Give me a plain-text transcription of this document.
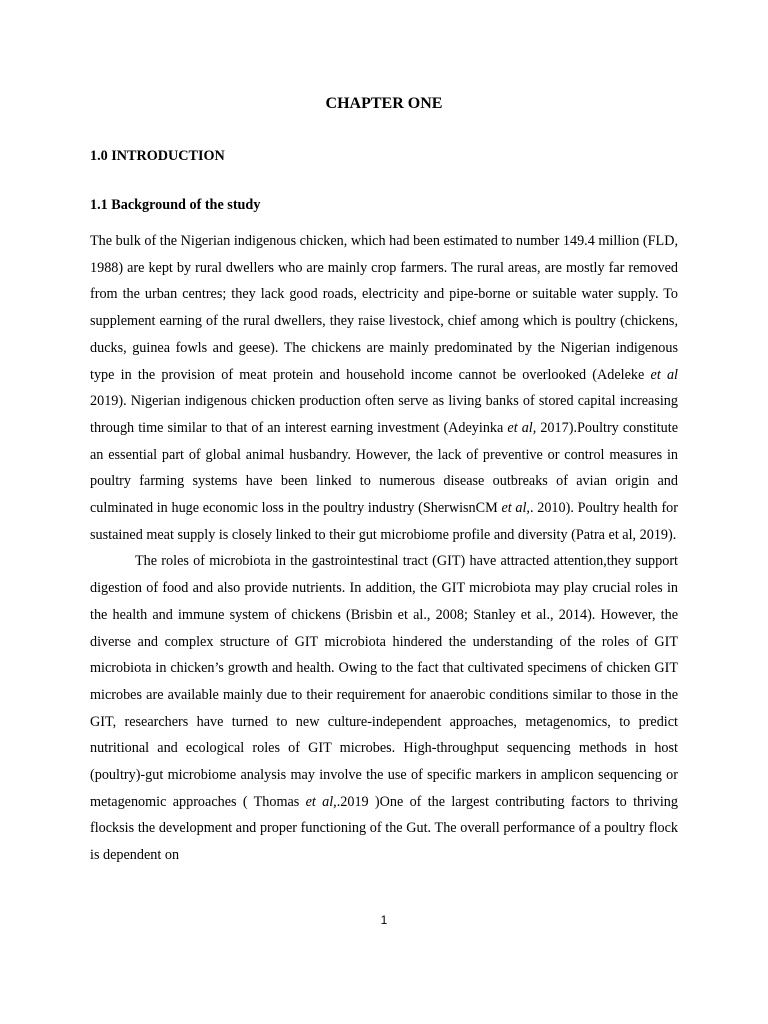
CHAPTER ONE
1.0 INTRODUCTION
1.1 Background of the study

The bulk of the Nigerian indigenous chicken, which had been estimated to number 149.4 million (FLD, 1988) are kept by rural dwellers who are mainly crop farmers. The rural areas, are mostly far removed from the urban centres; they lack good roads, electricity and pipe-borne or suitable water supply. To supplement earning of the rural dwellers, they raise livestock, chief among which is poultry (chickens, ducks, guinea fowls and geese). The chickens are mainly predominated by the Nigerian indigenous type in the provision of meat protein and household income cannot be overlooked (Adeleke et al 2019). Nigerian indigenous chicken production often serve as living banks of stored capital increasing through time similar to that of an interest earning investment (Adeyinka et al, 2017).Poultry constitute an essential part of global animal husbandry. However, the lack of preventive or control measures in poultry farming systems have been linked to numerous disease outbreaks of avian origin and culminated in huge economic loss in the poultry industry (SherwisnCM et al,. 2010). Poultry health for sustained meat supply is closely linked to their gut microbiome profile and diversity (Patra et al, 2019).

The roles of microbiota in the gastrointestinal tract (GIT) have attracted attention,they support digestion of food and also provide nutrients. In addition, the GIT microbiota may play crucial roles in the health and immune system of chickens (Brisbin et al., 2008; Stanley et al., 2014). However, the diverse and complex structure of GIT microbiota hindered the understanding of the roles of GIT microbiota in chicken’s growth and health. Owing to the fact that cultivated specimens of chicken GIT microbes are available mainly due to their requirement for anaerobic conditions similar to those in the GIT, researchers have turned to new culture-independent approaches, metagenomics, to predict nutritional and ecological roles of GIT microbes. High-throughput sequencing methods in host (poultry)-gut microbiome analysis may involve the use of specific markers in amplicon sequencing or metagenomic approaches ( Thomas et al,.2019 )One of the largest contributing factors to thriving flocksis the development and proper functioning of the Gut. The overall performance of a poultry flock is dependent on

1
